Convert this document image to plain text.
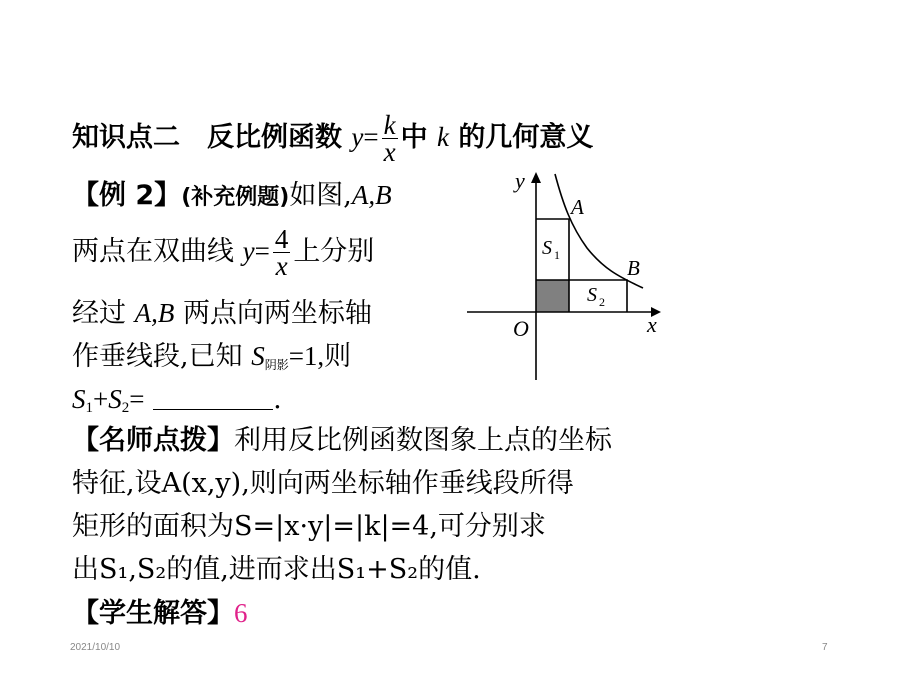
知识点二　反比例函数 $y= \frac{k}{x}$ 中 k 的几何意义
【例 2】(补充例题)如图,A,B
两点在双曲线 $y= \frac{4}{x}$ 上分别
经过 A,B 两点向两坐标轴
作垂线段,已知 $S_{阴影}=1$,则
$S_1+S_2=$	.
y
x
O
A
B
S 1
S 2
【名师点拨】利用反比例函数图象上点的坐标
特征,设A(x,y),则向两坐标轴作垂线段所得
矩形的面积为S=|x·y|=|k|=4,可分别求
出S₁,S₂的值,进而求出S₁+S₂的值.
【学生解答】6
2021/10/10	7
